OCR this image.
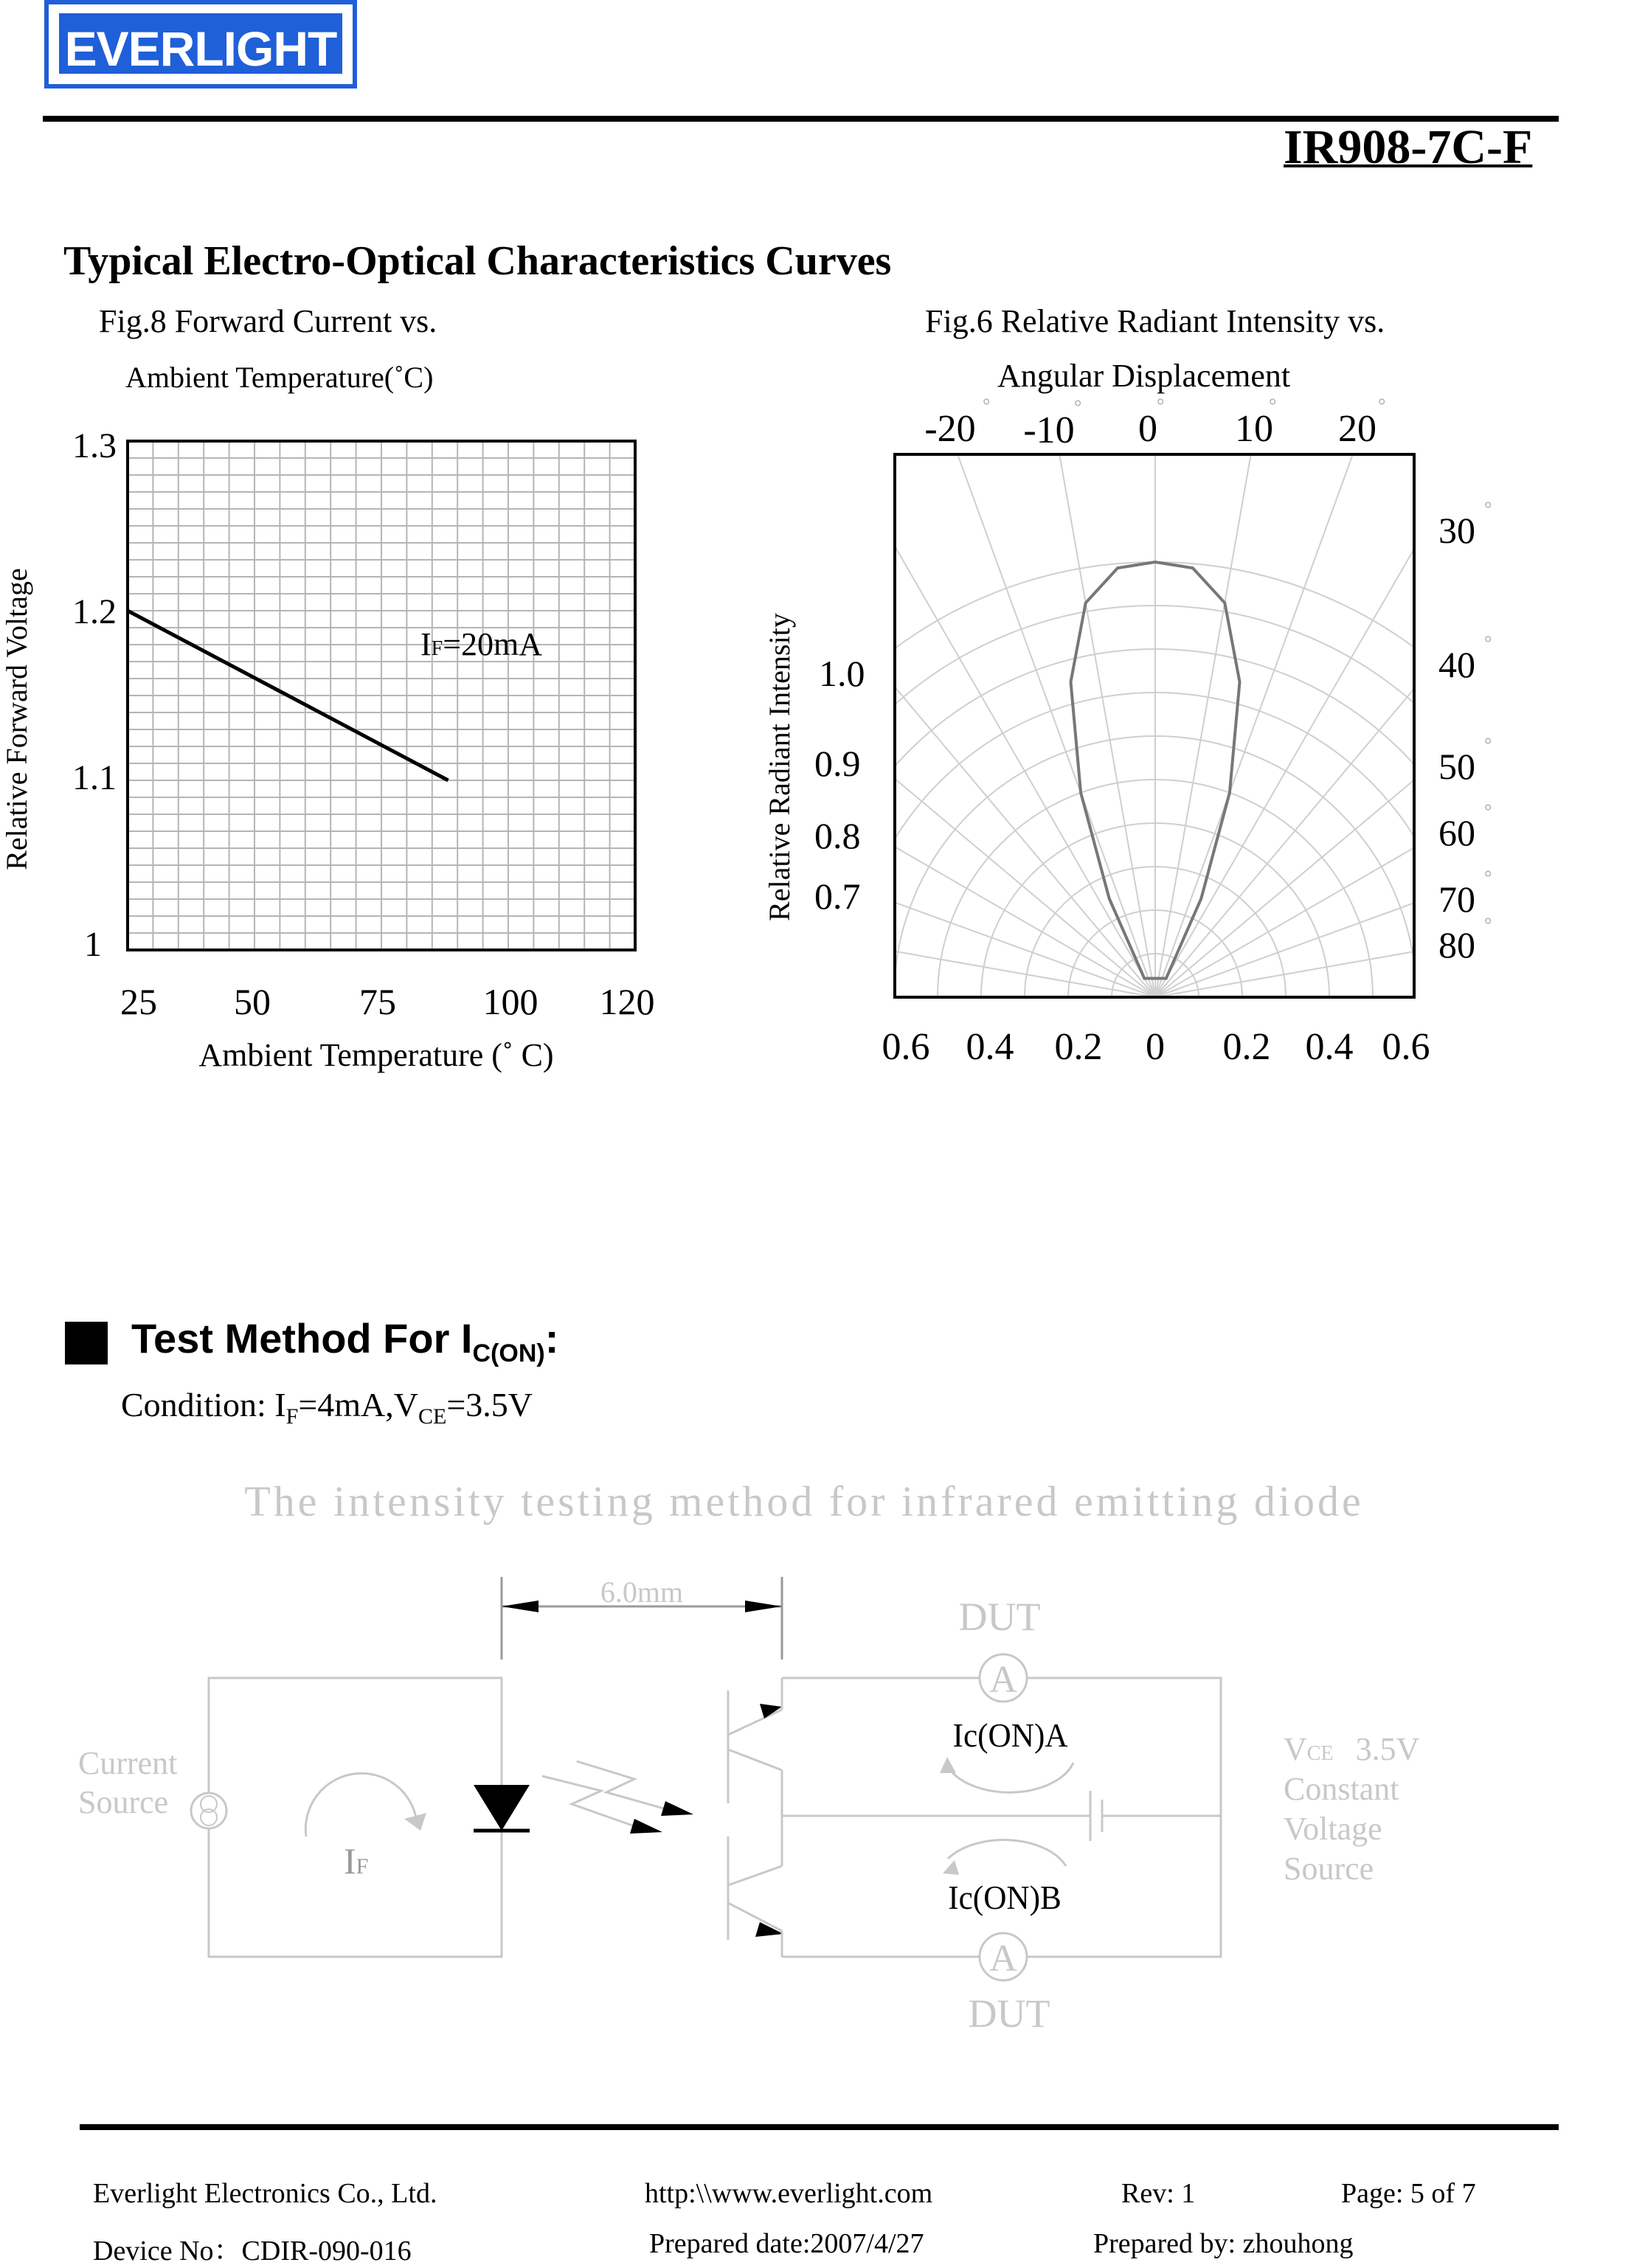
EVERLIGHT
IR908-7C-F
Typical Electro-Optical Characteristics Curves
Fig.8 Forward Current vs.
Ambient Temperature(˚C)
Fig.6 Relative Radiant Intensity vs.
Angular Displacement
IF=20mA
1.3
1.2
1.1
1
25 50 75 100 120
Ambient Temperature (˚ C)
Relative Forward Voltage
-20 -10 0 10 20
°	°	°	°	°
30
40
50
60
70
80
°
°
°
°
°
°
1.0
0.9
0.8
0.7
0.6 0.4 0.2 0 0.2 0.4 0.6
Relative Radiant Intensity
Test Method For $I_{C(ON)}$:
Condition: $I_F=4mA,V_{CE}=3.5V$
The intensity testing method for infrared emitting diode
6.0mm
Current
Source
IF
A
A
DUT
DUT
Ic(ON)A
Ic(ON)B
VCE 3.5V
Constant
Voltage
Source
Everlight Electronics Co., Ltd.	http:\\www.everlight.com	Rev: 1	Page: 5 of 7
Device No：CDIR-090-016	Prepared date:2007/4/27	Prepared by: zhouhong
